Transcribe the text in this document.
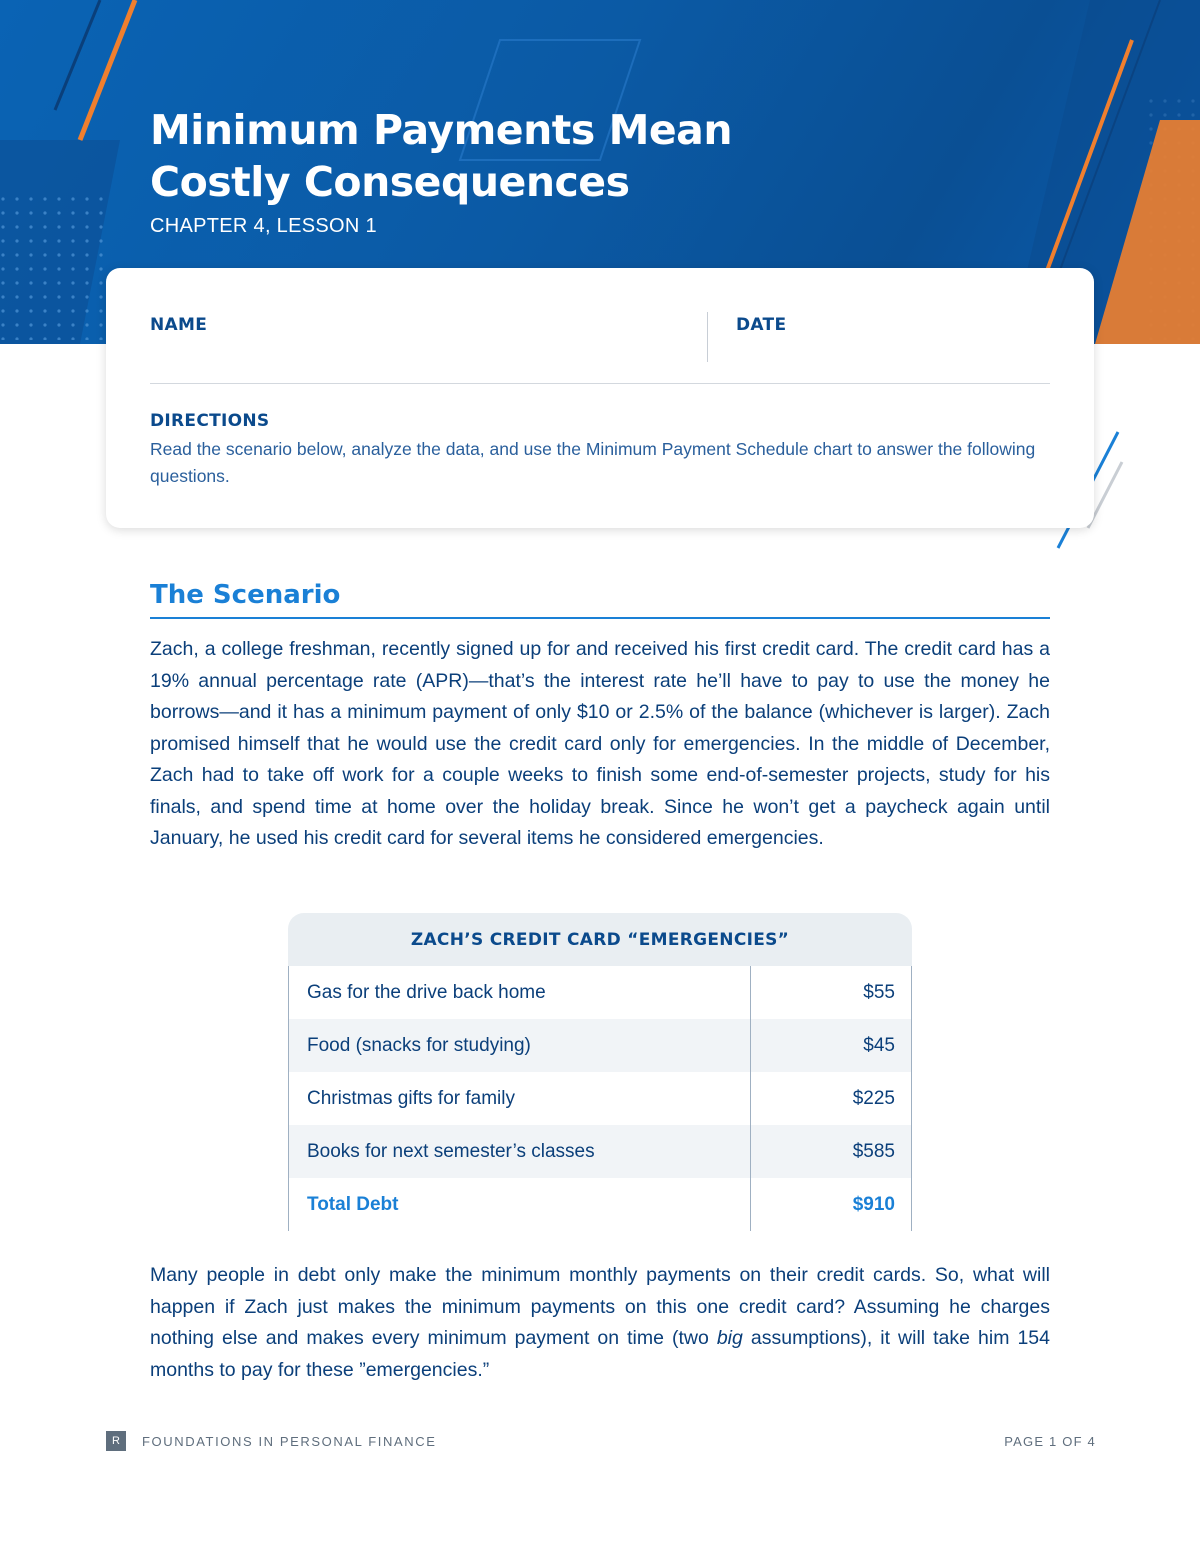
Minimum Payments Mean
Costly Consequences
CHAPTER 4, LESSON 1
NAME	DATE
DIRECTIONS
Read the scenario below, analyze the data, and use the Minimum Payment Schedule chart to answer the following questions.
The Scenario

Zach, a college freshman, recently signed up for and received his first credit card. The credit card has a 19% annual percentage rate (APR)—that’s the interest rate he’ll have to pay to use the money he borrows—and it has a minimum payment of only $10 or 2.5% of the balance (whichever is larger). Zach promised himself that he would use the credit card only for emergencies. In the middle of December, Zach had to take off work for a couple weeks to finish some end-of-semester projects, study for his finals, and spend time at home over the holiday break. Since he won’t get a paycheck again until January, he used his credit card for several items he considered emergencies.

ZACH’S CREDIT CARD “EMERGENCIES”
Gas for the drive back home	$55
Food (snacks for studying)	$45
Christmas gifts for family	$225
Books for next semester’s classes	$585
Total Debt	$910

Many people in debt only make the minimum monthly payments on their credit cards. So, what will happen if Zach just makes the minimum payments on this one credit card? Assuming he charges nothing else and makes every minimum payment on time (two big assumptions), it will take him 154 months to pay for these ”emergencies.”

R	FOUNDATIONS IN PERSONAL FINANCE	PAGE 1 OF 4
